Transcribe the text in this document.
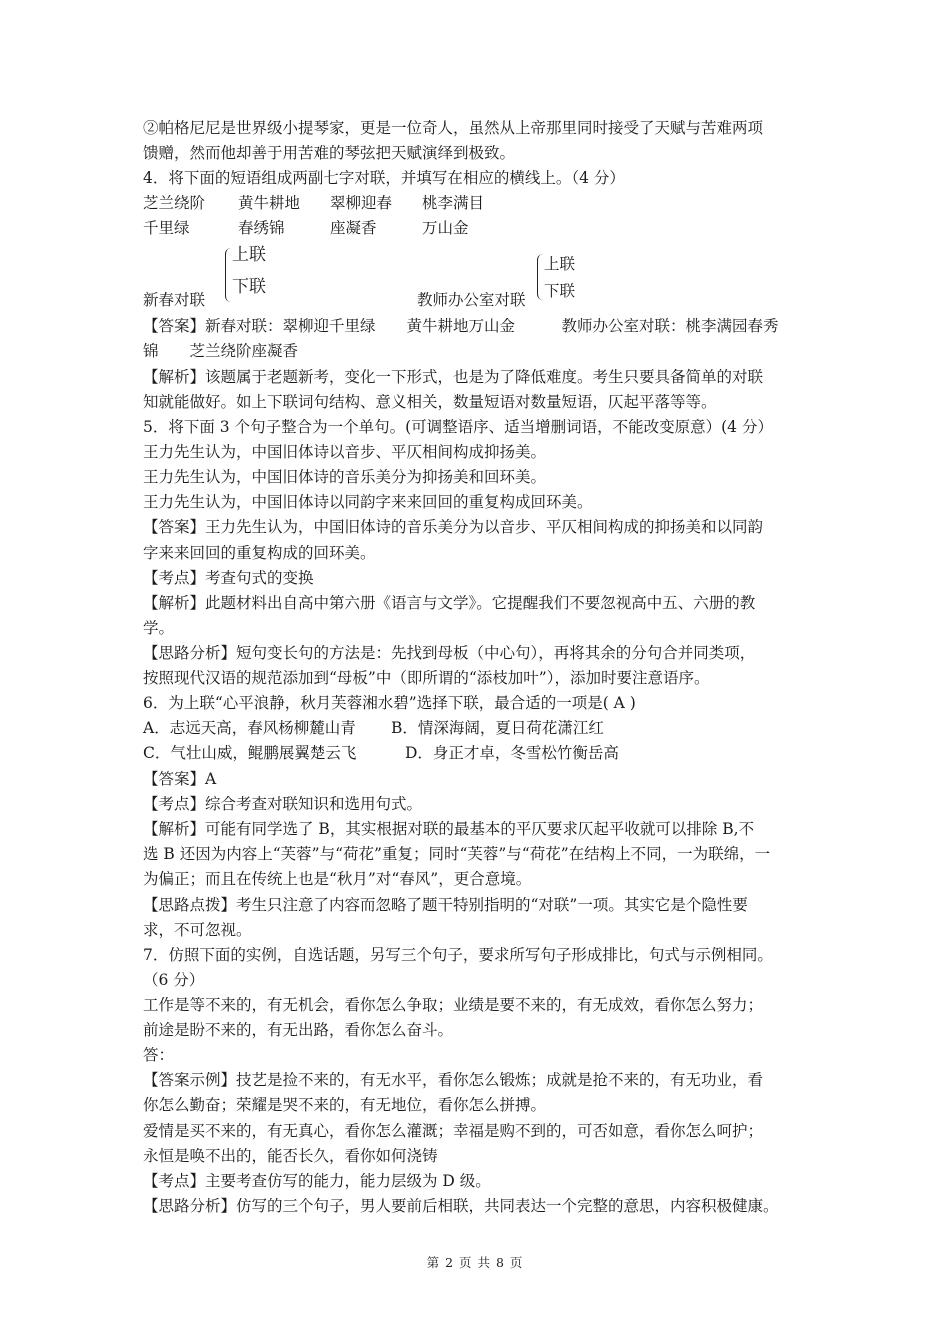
②帕格尼尼是世界级小提琴家，更是一位奇人，虽然从上帝那里同时接受了天赋与苦难两项
馈赠，然而他却善于用苦难的琴弦把天赋演绎到极致。
4．将下面的短语组成两副七字对联，并填写在相应的横线上。（4 分）
芝兰绕阶 黄牛耕地 翠柳迎春 桃李满目
千里绿	春绣锦	座凝香	万山金
上联
下联
新春对联
上联
下联
教师办公室对联
【答案】新春对联：翠柳迎千里绿　　黄牛耕地万山金　　　教师办公室对联：桃李满园春秀
锦　　芝兰绕阶座凝香
【解析】该题属于老题新考，变化一下形式，也是为了降低难度。考生只要具备简单的对联
知就能做好。如上下联词句结构、意义相关，数量短语对数量短语，仄起平落等等。
5．将下面 3 个句子整合为一个单句。(可调整语序、适当增删词语，不能改变原意）(4 分）
王力先生认为，中国旧体诗以音步、平仄相间构成抑扬美。
王力先生认为，中国旧体诗的音乐美分为抑扬美和回环美。
王力先生认为，中国旧体诗以同韵字来来回回的重复构成回环美。
【答案】王力先生认为，中国旧体诗的音乐美分为以音步、平仄相间构成的抑扬美和以同韵
字来来回回的重复构成的回环美。
【考点】考查句式的变换
【解析】此题材料出自高中第六册《语言与文学》。它提醒我们不要忽视高中五、六册的教
学。
【思路分析】短句变长句的方法是：先找到母板（中心句），再将其余的分句合并同类项，
按照现代汉语的规范添加到“母板”中（即所谓的“添枝加叶”），添加时要注意语序。
6．为上联“心平浪静，秋月芙蓉湘水碧”选择下联，最合适的一项是( A )
A．志远天高，春风杨柳麓山青 B．情深海阔，夏日荷花潇江红
C．气壮山威，鲲鹏展翼楚云飞	D．身正才卓，冬雪松竹衡岳高
【答案】A
【考点】综合考查对联知识和选用句式。
【解析】可能有同学选了 B，其实根据对联的最基本的平仄要求仄起平收就可以排除 B,不
选 B 还因为内容上“芙蓉”与“荷花”重复；同时“芙蓉”与“荷花”在结构上不同，一为联绵，一
为偏正；而且在传统上也是“秋月”对“春风”，更合意境。
【思路点拨】考生只注意了内容而忽略了题干特别指明的“对联”一项。其实它是个隐性要
求，不可忽视。
7．仿照下面的实例，自选话题，另写三个句子，要求所写句子形成排比，句式与示例相同。
（6 分）
工作是等不来的，有无机会，看你怎么争取；业绩是要不来的，有无成效，看你怎么努力；
前途是盼不来的，有无出路，看你怎么奋斗。
答：
【答案示例】技艺是捡不来的，有无水平，看你怎么锻炼；成就是抢不来的，有无功业，看
你怎么勤奋；荣耀是哭不来的，有无地位，看你怎么拼搏。
爱情是买不来的，有无真心，看你怎么灌溉；幸福是购不到的，可否如意，看你怎么呵护；
永恒是唤不出的，能否长久，看你如何浇铸
【考点】主要考查仿写的能力，能力层级为 D 级。
【思路分析】仿写的三个句子，男人要前后相联，共同表达一个完整的意思，内容积极健康。
第 2 页 共 8 页
